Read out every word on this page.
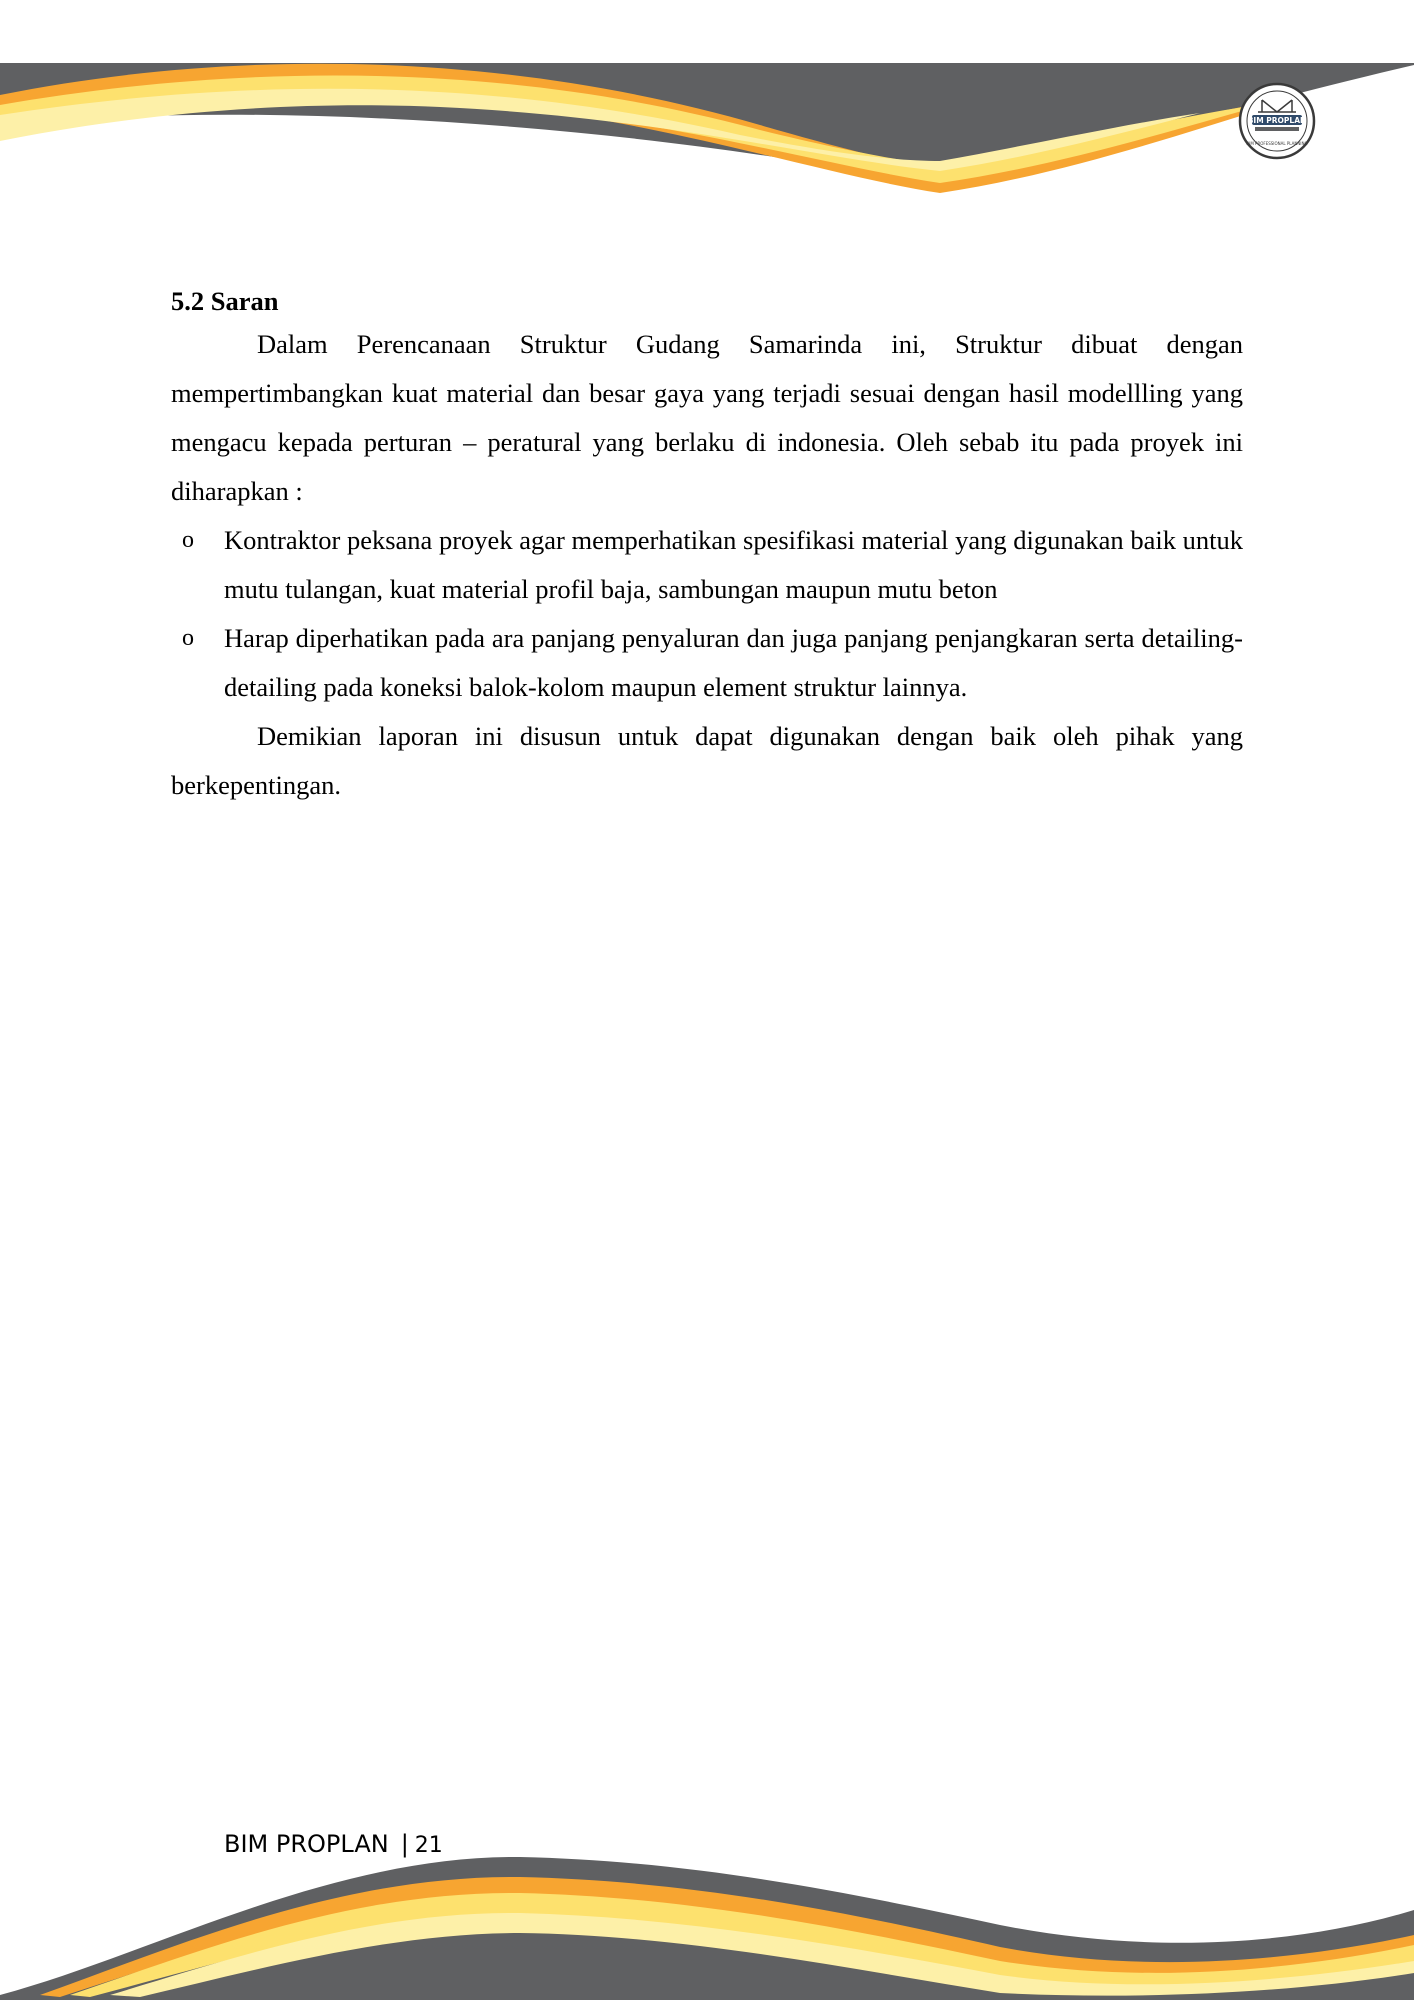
BIM PROPLAN
BIM PROFESSIONAL PLANNING
5.2 Saran

Dalam Perencanaan Struktur Gudang Samarinda ini, Struktur dibuat dengan mempertimbangkan kuat material dan besar gaya yang terjadi sesuai dengan hasil modellling yang mengacu kepada perturan – peratural yang berlaku di indonesia. Oleh sebab itu pada proyek ini diharapkan :

o Kontraktor peksana proyek agar memperhatikan spesifikasi material yang digunakan baik untuk mutu tulangan, kuat material profil baja, sambungan maupun mutu beton
o Harap diperhatikan pada ara panjang penyaluran dan juga panjang penjangkaran serta detailing-detailing pada koneksi balok-kolom maupun element struktur lainnya.

Demikian laporan ini disusun untuk dapat digunakan dengan baik oleh pihak yang berkepentingan.

BIM PROPLAN | 21
